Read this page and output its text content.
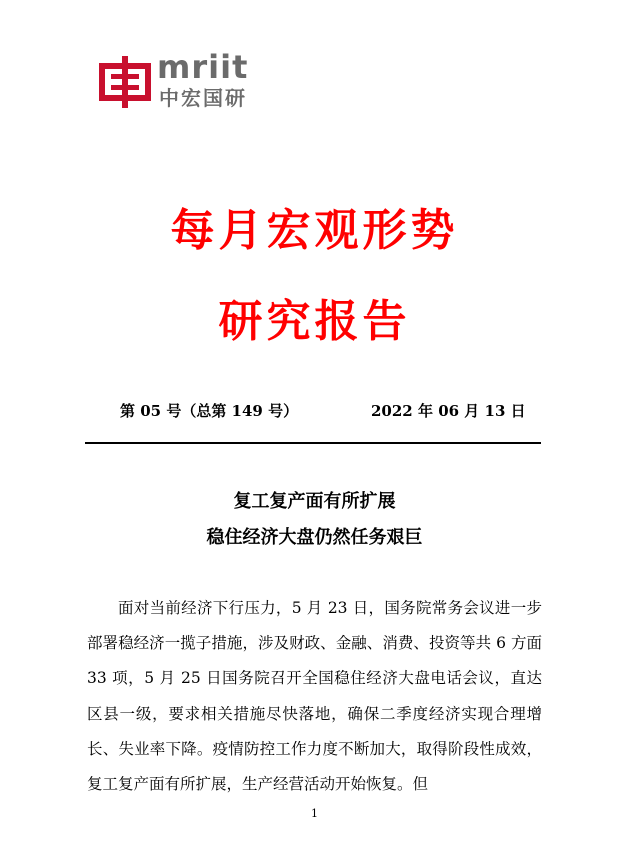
mriit
中宏国研
每月宏观形势
研究报告
第 05 号（总第 149 号）	2022 年 06 月 13 日
复工复产面有所扩展
稳住经济大盘仍然任务艰巨

面对当前经济下行压力，5 月 23 日，国务院常务会议进一步部署稳经济一揽子措施，涉及财政、金融、消费、投资等共 6 方面 33 项，5 月 25 日国务院召开全国稳住经济大盘电话会议，直达区县一级，要求相关措施尽快落地，确保二季度经济实现合理增长、失业率下降。疫情防控工作力度不断加大，取得阶段性成效，复工复产面有所扩展，生产经营活动开始恢复。但

1
